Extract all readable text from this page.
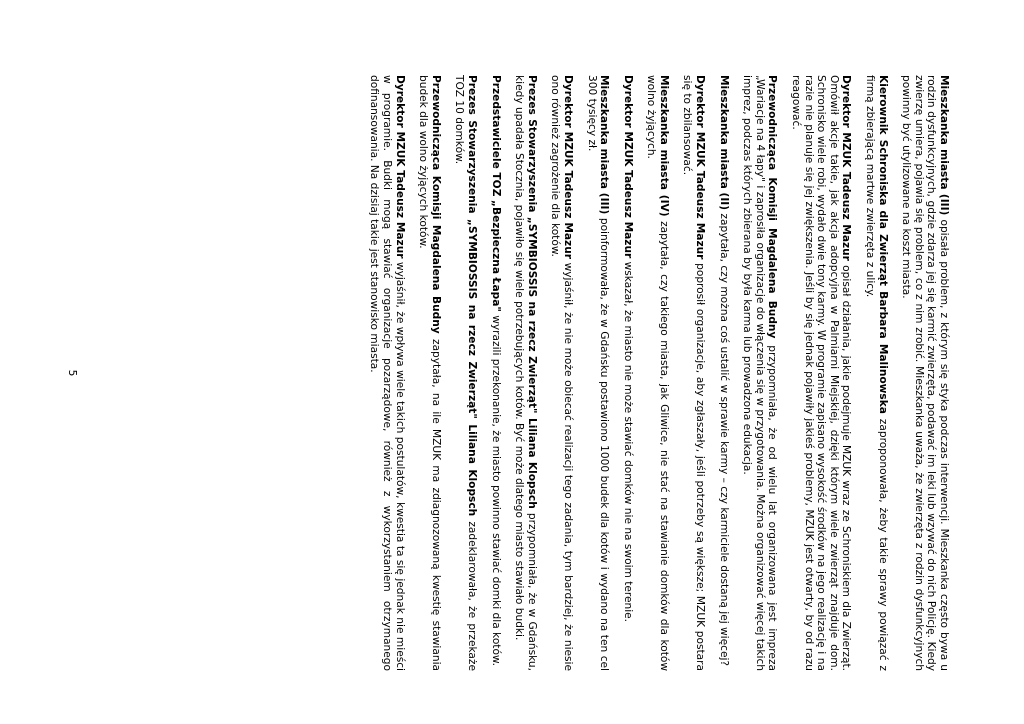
Mieszkanka miasta (III) opisała problem, z którym się styka podczas interwencji. Mieszkanka często bywa u rodzin dysfunkcyjnych, gdzie zdarza jej się karmić zwierzęta, podawać im leki lub wzywać do nich Policję. Kiedy zwierzę umiera, pojawia się problem, co z nim zrobić. Mieszkanka uważa, że zwierzęta z rodzin dysfunkcyjnych powinny być utylizowane na koszt miasta.

Kierownik Schroniska dla Zwierząt Barbara Malinowska zaproponowała, żeby takie sprawy powiązać z firmą zbierającą martwe zwierzęta z ulicy.

Dyrektor MZUK Tadeusz Mazur opisał działania, jakie podejmuje MZUK wraz ze Schroniskiem dla Zwierząt. Omówił akcje takie, jak akcja adopcyjna w Palmiarni Miejskiej, dzięki którym wiele zwierząt znajduje dom. Schronisko wiele robi, wydało dwie tony karmy. W programie zapisano wysokość środków na jego realizację i na razie nie planuje się jej zwiększenia. Jeśli by się jednak pojawiły jakieś problemy, MZUK jest otwarty, by od razu reagować.

Przewodnicząca Komisji Magdalena Budny przypomniała, że od wielu lat organizowana jest impreza „Wariacje na 4 łapy" i zaprosiła organizacje do włączenia się w przygotowania. Można organizować więcej takich imprez, podczas których zbierana by była karma lub prowadzona edukacja.

Mieszkanka miasta (II) zapytała, czy można coś ustalić w sprawie karmy – czy karmiciele dostaną jej więcej?

Dyrektor MZUK Tadeusz Mazur poprosił organizacje, aby zgłaszały, jeśli potrzeby są większe; MZUK postara się to zbilansować.

Mieszkanka miasta (IV) zapytała, czy takiego miasta, jak Gliwice, nie stać na stawianie domków dla kotów wolno żyjących.

Dyrektor MZUK Tadeusz Mazur wskazał, że miasto nie może stawiać domków nie na swoim terenie.

Mieszkanka miasta (III) poinformowała, że w Gdańsku postawiono 1000 budek dla kotów i wydano na ten cel 300 tysięcy zł.

Dyrektor MZUK Tadeusz Mazur wyjaśnił, że nie może obiecać realizacji tego zadania, tym bardziej, że niesie ono również zagrożenie dla kotów.

Prezes Stowarzyszenia „SYMBIOSSIS na rzecz Zwierząt" Liliana Klopsch przypomniała, że w Gdańsku, kiedy upadała Stocznia, pojawiło się wiele potrzebujących kotów. Być może dlatego miasto stawiało budki.

Przedstawiciele TOZ „Bezpieczna Łapa" wyrazili przekonanie, że miasto powinno stawiać domki dla kotów.

Prezes Stowarzyszenia „SYMBIOSSIS na rzecz Zwierząt" Liliana Klopsch zadeklarowała, że przekaże TOZ 10 domków.

Przewodnicząca Komisji Magdalena Budny zapytała, na ile MZUK ma zdiagnozowaną kwestię stawiania budek dla wolno żyjących kotów.

Dyrektor MZUK Tadeusz Mazur wyjaśnił, że wpływa wiele takich postulatów, kwestia ta się jednak nie mieści w programie. Budki mogą stawiać organizacje pozarządowe, również z wykorzystaniem otrzymanego dofinansowania. Na dzisiaj takie jest stanowisko miasta.

5
